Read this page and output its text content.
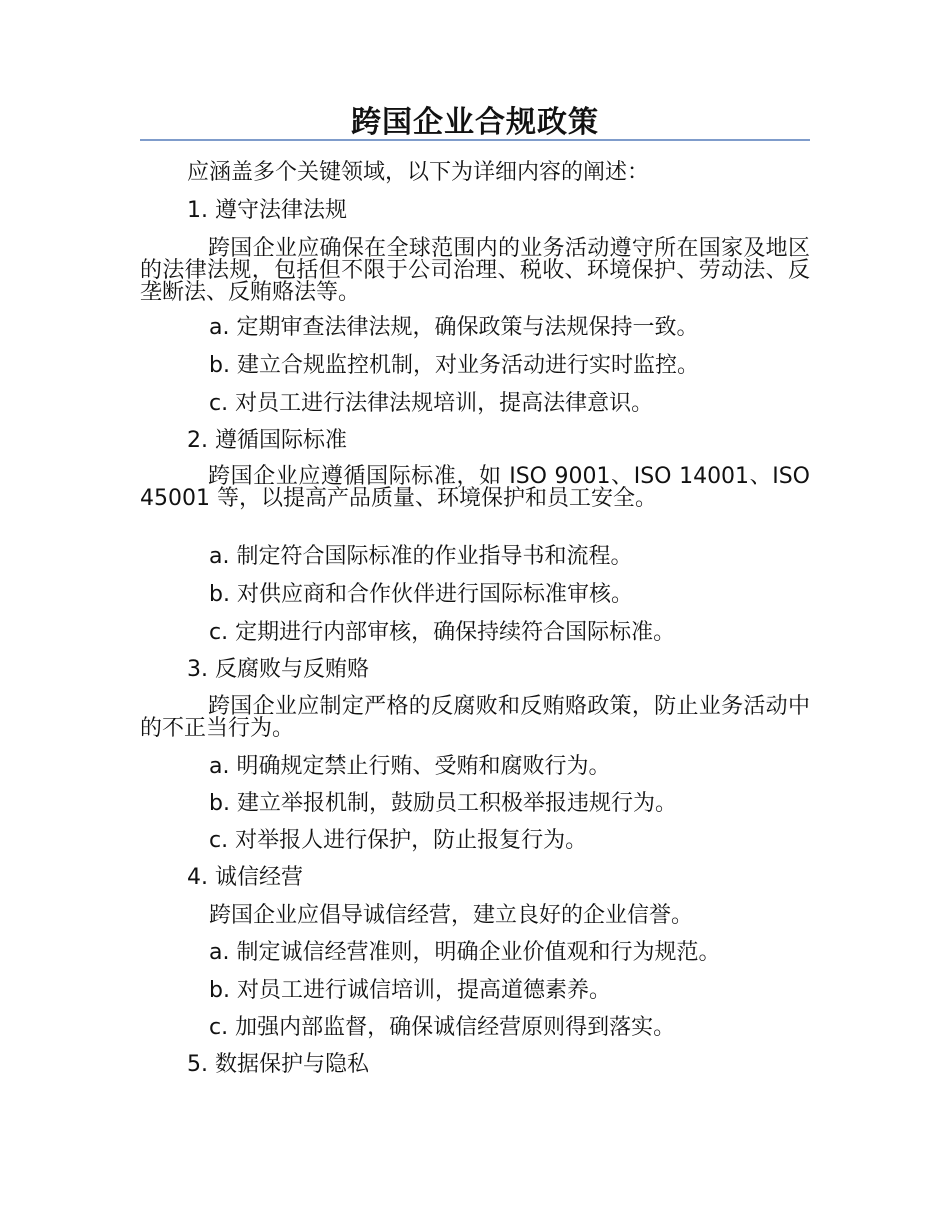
跨国企业合规政策
应涵盖多个关键领域，以下为详细内容的阐述：
1. 遵守法律法规
跨国企业应确保在全球范围内的业务活动遵守所在国家及地区的法律法规，包括但不限于公司治理、税收、环境保护、劳动法、反垄断法、反贿赂法等。
a. 定期审查法律法规，确保政策与法规保持一致。
b. 建立合规监控机制，对业务活动进行实时监控。
c. 对员工进行法律法规培训，提高法律意识。
2. 遵循国际标准
跨国企业应遵循国际标准，如 ISO 9001、ISO 14001、ISO 45001 等，以提高产品质量、环境保护和员工安全。
a. 制定符合国际标准的作业指导书和流程。
b. 对供应商和合作伙伴进行国际标准审核。
c. 定期进行内部审核，确保持续符合国际标准。
3. 反腐败与反贿赂
跨国企业应制定严格的反腐败和反贿赂政策，防止业务活动中的不正当行为。
a. 明确规定禁止行贿、受贿和腐败行为。
b. 建立举报机制，鼓励员工积极举报违规行为。
c. 对举报人进行保护，防止报复行为。
4. 诚信经营
跨国企业应倡导诚信经营，建立良好的企业信誉。
a. 制定诚信经营准则，明确企业价值观和行为规范。
b. 对员工进行诚信培训，提高道德素养。
c. 加强内部监督，确保诚信经营原则得到落实。
5. 数据保护与隐私
